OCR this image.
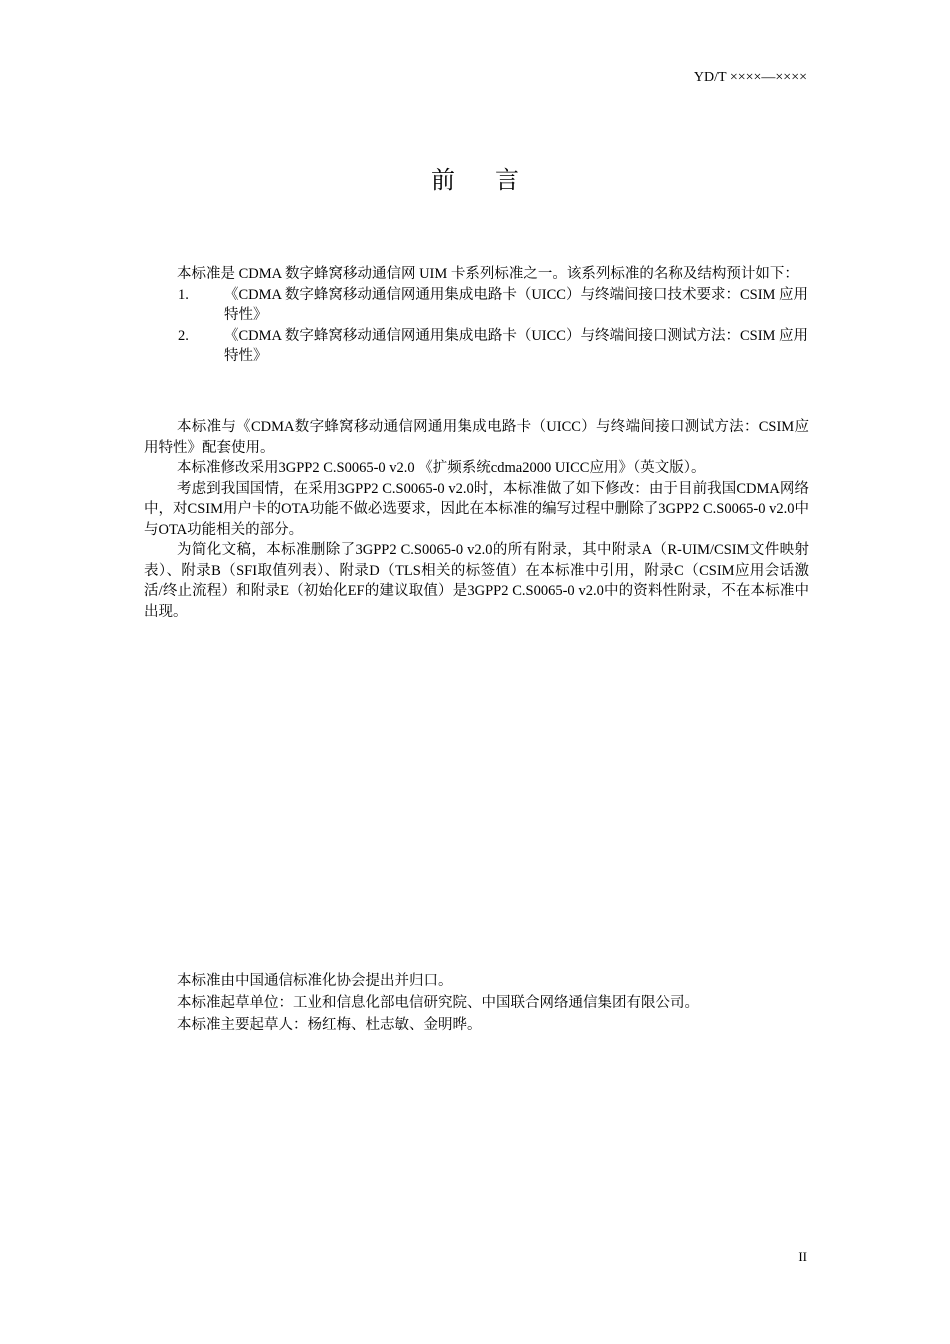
YD/T ××××—××××
前言

本标准是 CDMA 数字蜂窝移动通信网 UIM 卡系列标准之一。该系列标准的名称及结构预计如下：

1. 《CDMA 数字蜂窝移动通信网通用集成电路卡（UICC）与终端间接口技术要求：CSIM 应用特性》
2. 《CDMA 数字蜂窝移动通信网通用集成电路卡（UICC）与终端间接口测试方法：CSIM 应用特性》

本标准与《CDMA数字蜂窝移动通信网通用集成电路卡（UICC）与终端间接口测试方法：CSIM应用特性》配套使用。

本标准修改采用3GPP2 C.S0065-0 v2.0 《扩频系统cdma2000 UICC应用》（英文版）。

考虑到我国国情，在采用3GPP2 C.S0065-0 v2.0时，本标准做了如下修改：由于目前我国CDMA网络中，对CSIM用户卡的OTA功能不做必选要求，因此在本标准的编写过程中删除了3GPP2 C.S0065-0 v2.0中与OTA功能相关的部分。

为简化文稿，本标准删除了3GPP2 C.S0065-0 v2.0的所有附录，其中附录A（R-UIM/CSIM文件映射表）、附录B（SFI取值列表）、附录D（TLS相关的标签值）在本标准中引用，附录C（CSIM应用会话激活/终止流程）和附录E（初始化EF的建议取值）是3GPP2 C.S0065-0 v2.0中的资料性附录，不在本标准中出现。

本标准由中国通信标准化协会提出并归口。

本标准起草单位：工业和信息化部电信研究院、中国联合网络通信集团有限公司。

本标准主要起草人：杨红梅、杜志敏、金明晔。

II
